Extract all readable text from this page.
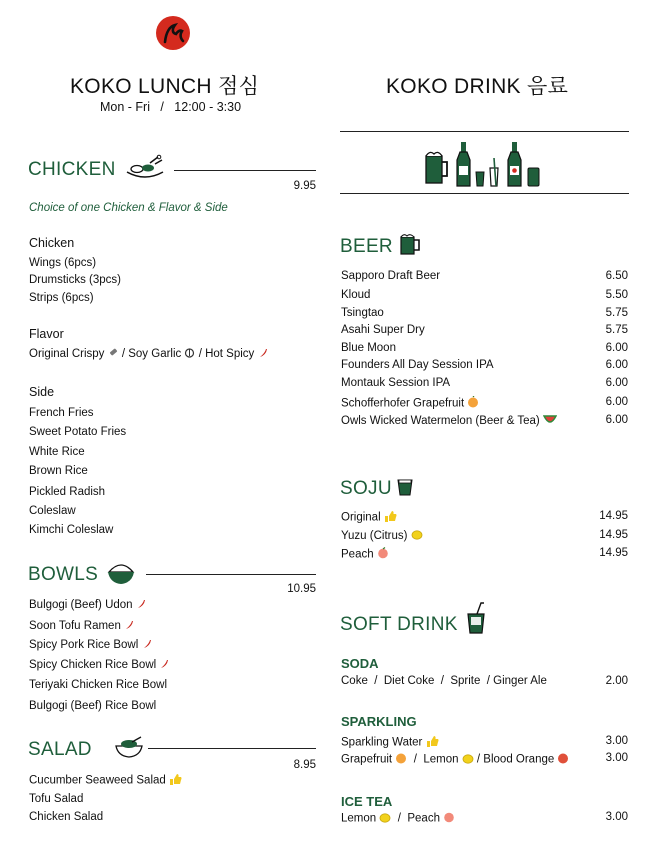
KOKO LUNCH 점심
Mon - Fri   /   12:00 - 3:30
CHICKEN
9.95
Choice of one Chicken & Flavor & Side
Chicken
Wings (6pcs)
Drumsticks (3pcs)
Strips (6pcs)
Flavor
Original Crispy / Soy Garlic / Hot Spicy
Side
French Fries
Sweet Potato Fries
White Rice
Brown Rice
Pickled Radish
Coleslaw
Kimchi Coleslaw
BOWLS
10.95
Bulgogi (Beef) Udon
Soon Tofu Ramen
Spicy Pork Rice Bowl
Spicy Chicken Rice Bowl
Teriyaki Chicken Rice Bowl
Bulgogi (Beef) Rice Bowl
SALAD
8.95
Cucumber Seaweed Salad
Tofu Salad
Chicken Salad
KOKO DRINK 음료
BEER
Sapporo Draft Beer	6.50
Kloud	5.50
Tsingtao	5.75
Asahi Super Dry	5.75
Blue Moon	6.00
Founders All Day Session IPA	6.00
Montauk Session IPA	6.00
Schofferhofer Grapefruit	6.00
Owls Wicked Watermelon (Beer & Tea)	6.00
SOJU
Original	14.95
Yuzu (Citrus)	14.95
Peach	14.95
SOFT DRINK
SODA
Coke  /  Diet Coke  /  Sprite  / Ginger Ale	2.00
SPARKLING
Sparkling Water	3.00
Grapefruit   /  Lemon  / Blood Orange	3.00
ICE TEA
Lemon   /  Peach	3.00
